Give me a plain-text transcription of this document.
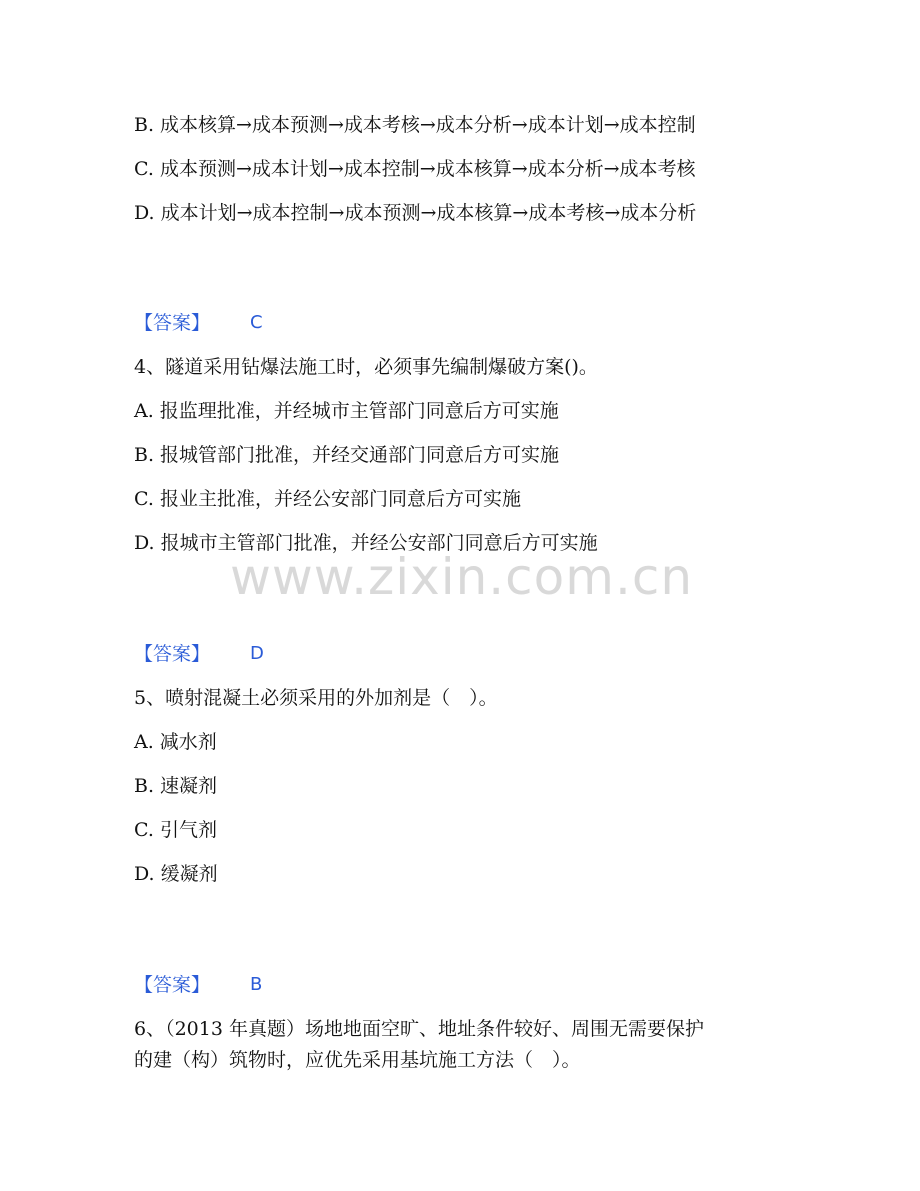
B. 成本核算→成本预测→成本考核→成本分析→成本计划→成本控制
C. 成本预测→成本计划→成本控制→成本核算→成本分析→成本考核
D. 成本计划→成本控制→成本预测→成本核算→成本考核→成本分析
【答案】 C
4、隧道采用钻爆法施工时，必须事先编制爆破方案()。
A. 报监理批准，并经城市主管部门同意后方可实施
B. 报城管部门批准，并经交通部门同意后方可实施
C. 报业主批准，并经公安部门同意后方可实施
D. 报城市主管部门批准，并经公安部门同意后方可实施
www.zixin.com.cn
【答案】 D
5、喷射混凝土必须采用的外加剂是（　）。
A. 减水剂
B. 速凝剂
C. 引气剂
D. 缓凝剂
【答案】 B
6、（2013 年真题）场地地面空旷、地址条件较好、周围无需要保护
的建（构）筑物时，应优先采用基坑施工方法（　）。
